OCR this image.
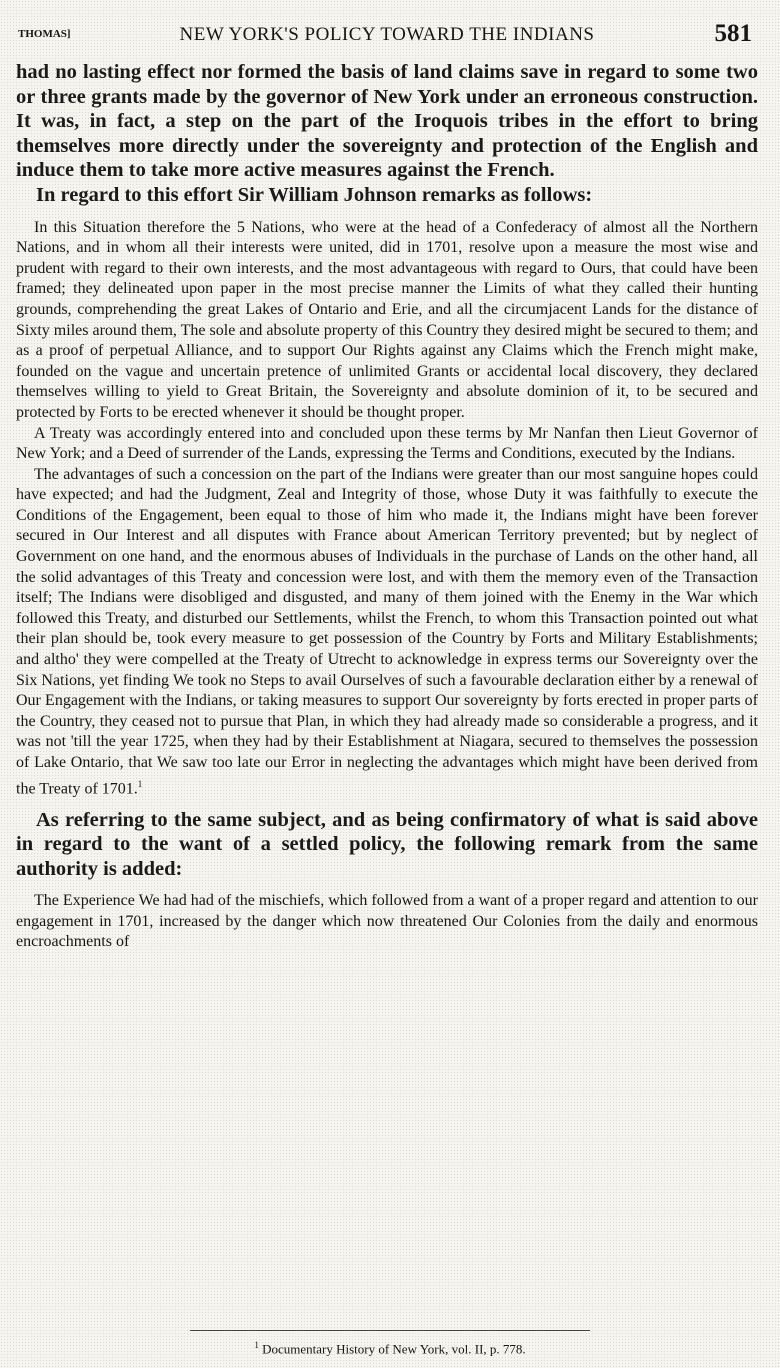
THOMAS]	NEW YORK'S POLICY TOWARD THE INDIANS	581

had no lasting effect nor formed the basis of land claims save in regard to some two or three grants made by the governor of New York under an erroneous construction. It was, in fact, a step on the part of the Iroquois tribes in the effort to bring themselves more directly under the sovereignty and protection of the English and induce them to take more active measures against the French.

In regard to this effort Sir William Johnson remarks as follows:

In this Situation therefore the 5 Nations, who were at the head of a Confederacy of almost all the Northern Nations, and in whom all their interests were united, did in 1701, resolve upon a measure the most wise and prudent with regard to their own interests, and the most advantageous with regard to Ours, that could have been framed; they delineated upon paper in the most precise manner the Limits of what they called their hunting grounds, comprehending the great Lakes of Ontario and Erie, and all the circumjacent Lands for the distance of Sixty miles around them, The sole and absolute property of this Country they desired might be secured to them; and as a proof of perpetual Alliance, and to support Our Rights against any Claims which the French might make, founded on the vague and uncertain pretence of unlimited Grants or accidental local discovery, they declared themselves willing to yield to Great Britain, the Sovereignty and absolute dominion of it, to be secured and protected by Forts to be erected whenever it should be thought proper.

A Treaty was accordingly entered into and concluded upon these terms by Mr Nanfan then Lieut Governor of New York; and a Deed of surrender of the Lands, expressing the Terms and Conditions, executed by the Indians.

The advantages of such a concession on the part of the Indians were greater than our most sanguine hopes could have expected; and had the Judgment, Zeal and Integrity of those, whose Duty it was faithfully to execute the Conditions of the Engagement, been equal to those of him who made it, the Indians might have been forever secured in Our Interest and all disputes with France about American Territory prevented; but by neglect of Government on one hand, and the enormous abuses of Individuals in the purchase of Lands on the other hand, all the solid advantages of this Treaty and concession were lost, and with them the memory even of the Transaction itself; The Indians were disobliged and disgusted, and many of them joined with the Enemy in the War which followed this Treaty, and disturbed our Settlements, whilst the French, to whom this Transaction pointed out what their plan should be, took every measure to get possession of the Country by Forts and Military Establishments; and altho' they were compelled at the Treaty of Utrecht to acknowledge in express terms our Sovereignty over the Six Nations, yet finding We took no Steps to avail Ourselves of such a favourable declaration either by a renewal of Our Engagement with the Indians, or taking measures to support Our sovereignty by forts erected in proper parts of the Country, they ceased not to pursue that Plan, in which they had already made so considerable a progress, and it was not 'till the year 1725, when they had by their Establishment at Niagara, secured to themselves the possession of Lake Ontario, that We saw too late our Error in neglecting the advantages which might have been derived from the Treaty of 1701.$^1$

As referring to the same subject, and as being confirmatory of what is said above in regard to the want of a settled policy, the following remark from the same authority is added:

The Experience We had had of the mischiefs, which followed from a want of a proper regard and attention to our engagement in 1701, increased by the danger which now threatened Our Colonies from the daily and enormous encroachments of

$^1$ Documentary History of New York, vol. II, p. 778.
